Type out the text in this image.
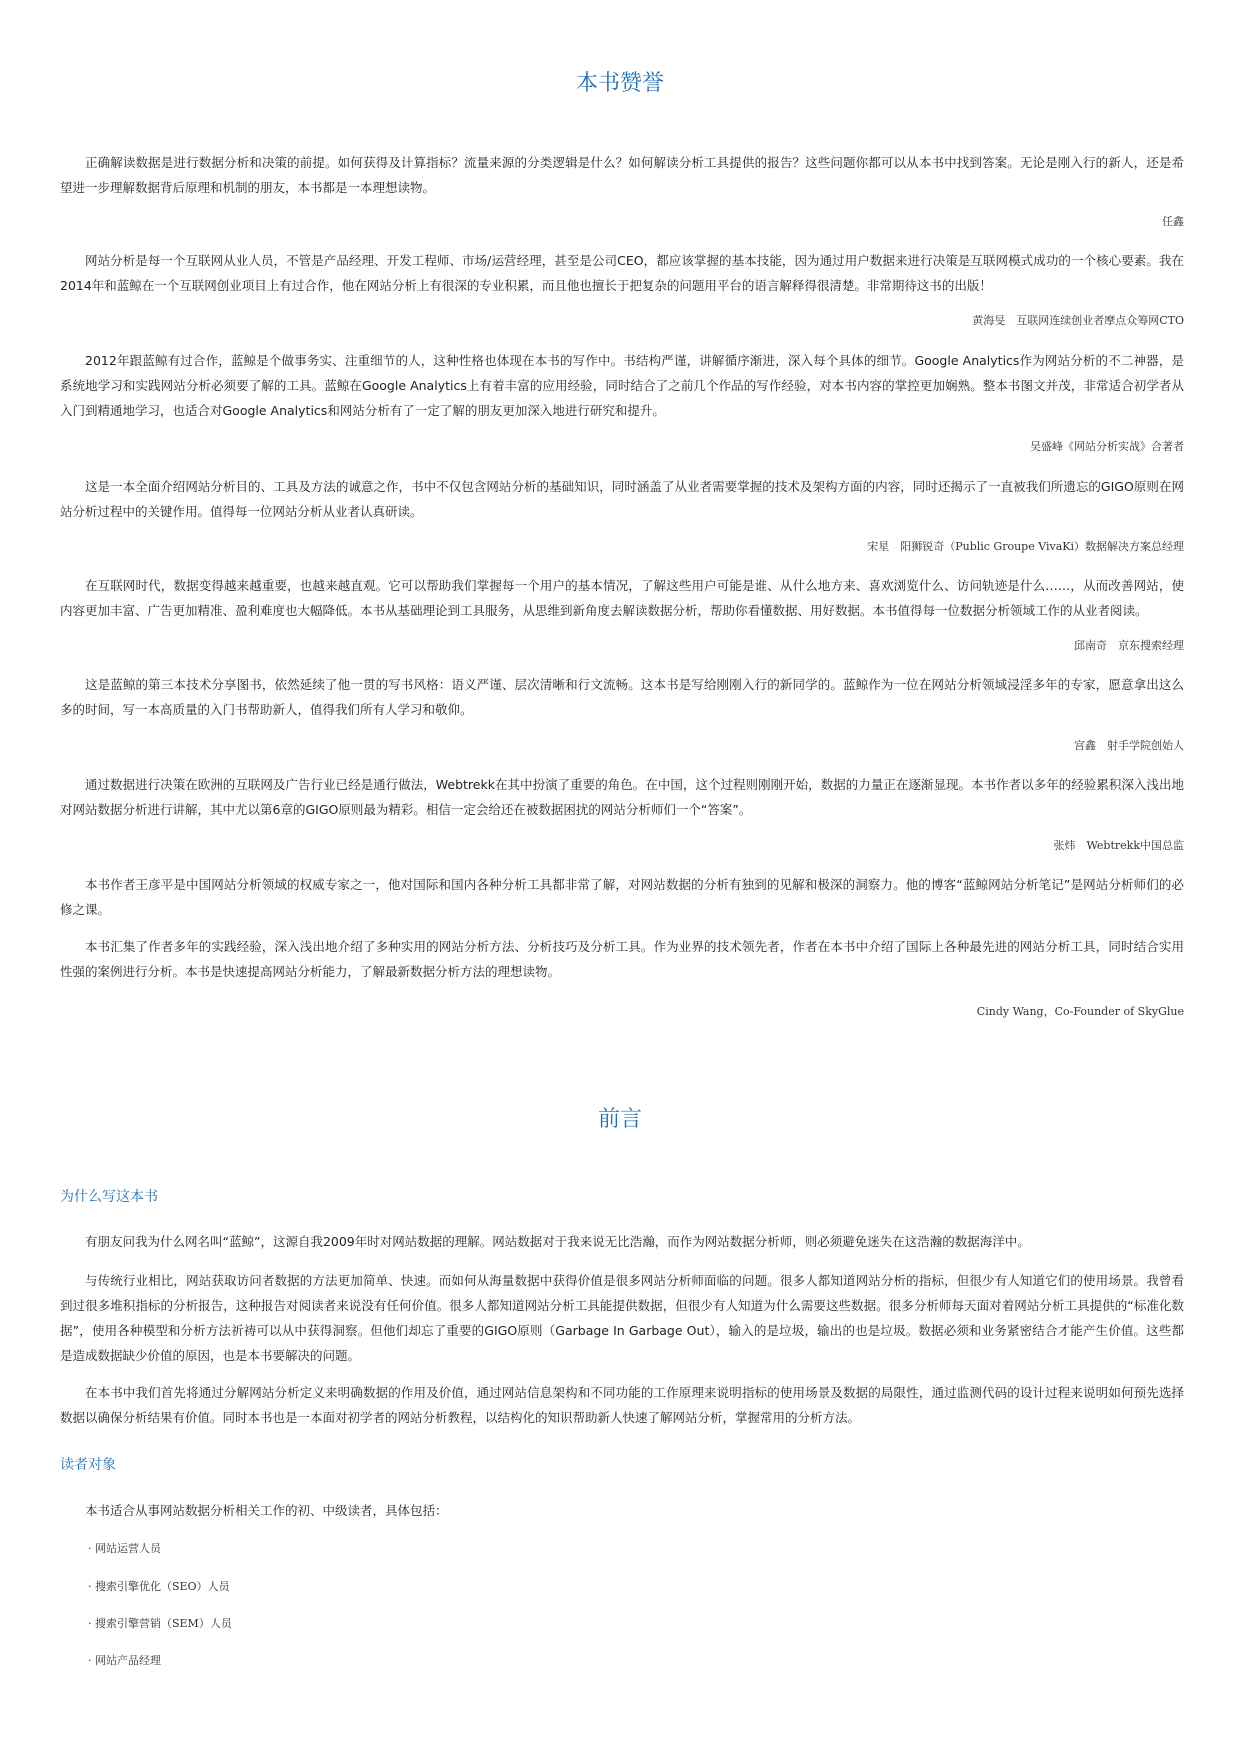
本书赞誉

正确解读数据是进行数据分析和决策的前提。如何获得及计算指标？流量来源的分类逻辑是什么？如何解读分析工具提供的报告？这些问题你都可以从本书中找到答案。无论是刚入行的新人，还是希望进一步理解数据背后原理和机制的朋友，本书都是一本理想读物。

任鑫

网站分析是每一个互联网从业人员，不管是产品经理、开发工程师、市场/运营经理，甚至是公司CEO，都应该掌握的基本技能，因为通过用户数据来进行决策是互联网模式成功的一个核心要素。我在2014年和蓝鲸在一个互联网创业项目上有过合作，他在网站分析上有很深的专业积累，而且他也擅长于把复杂的问题用平台的语言解释得很清楚。非常期待这书的出版！

黄海旻　互联网连续创业者摩点众筹网CTO

2012年跟蓝鲸有过合作，蓝鲸是个做事务实、注重细节的人，这种性格也体现在本书的写作中。书结构严谨，讲解循序渐进，深入每个具体的细节。Google Analytics作为网站分析的不二神器，是系统地学习和实践网站分析必须要了解的工具。蓝鲸在Google Analytics上有着丰富的应用经验，同时结合了之前几个作品的写作经验，对本书内容的掌控更加娴熟。整本书图文并茂，非常适合初学者从入门到精通地学习，也适合对Google Analytics和网站分析有了一定了解的朋友更加深入地进行研究和提升。

吴盛峰《网站分析实战》合著者

这是一本全面介绍网站分析目的、工具及方法的诚意之作，书中不仅包含网站分析的基础知识，同时涵盖了从业者需要掌握的技术及架构方面的内容，同时还揭示了一直被我们所遗忘的GIGO原则在网站分析过程中的关键作用。值得每一位网站分析从业者认真研读。

宋星　阳狮锐奇（Public Groupe VivaKi）数据解决方案总经理

在互联网时代，数据变得越来越重要，也越来越直观。它可以帮助我们掌握每一个用户的基本情况，了解这些用户可能是谁、从什么地方来、喜欢浏览什么、访问轨迹是什么……，从而改善网站，使内容更加丰富、广告更加精准、盈利难度也大幅降低。本书从基础理论到工具服务，从思维到新角度去解读数据分析，帮助你看懂数据、用好数据。本书值得每一位数据分析领域工作的从业者阅读。

邱南奇　京东搜索经理

这是蓝鲸的第三本技术分享图书，依然延续了他一贯的写书风格：语义严谨、层次清晰和行文流畅。这本书是写给刚刚入行的新同学的。蓝鲸作为一位在网站分析领域浸淫多年的专家，愿意拿出这么多的时间，写一本高质量的入门书帮助新人，值得我们所有人学习和敬仰。

宫鑫　射手学院创始人

通过数据进行决策在欧洲的互联网及广告行业已经是通行做法，Webtrekk在其中扮演了重要的角色。在中国，这个过程则刚刚开始，数据的力量正在逐渐显现。本书作者以多年的经验累积深入浅出地对网站数据分析进行讲解，其中尤以第6章的GIGO原则最为精彩。相信一定会给还在被数据困扰的网站分析师们一个“答案”。

张炜　Webtrekk中国总监

本书作者王彦平是中国网站分析领域的权威专家之一，他对国际和国内各种分析工具都非常了解，对网站数据的分析有独到的见解和极深的洞察力。他的博客“蓝鲸网站分析笔记”是网站分析师们的必修之课。

本书汇集了作者多年的实践经验，深入浅出地介绍了多种实用的网站分析方法、分析技巧及分析工具。作为业界的技术领先者，作者在本书中介绍了国际上各种最先进的网站分析工具，同时结合实用性强的案例进行分析。本书是快速提高网站分析能力，了解最新数据分析方法的理想读物。

Cindy Wang，Co-Founder of SkyGlue

前言
为什么写这本书

有朋友问我为什么网名叫“蓝鲸”，这源自我2009年时对网站数据的理解。网站数据对于我来说无比浩瀚，而作为网站数据分析师，则必须避免迷失在这浩瀚的数据海洋中。

与传统行业相比，网站获取访问者数据的方法更加简单、快速。而如何从海量数据中获得价值是很多网站分析师面临的问题。很多人都知道网站分析的指标，但很少有人知道它们的使用场景。我曾看到过很多堆积指标的分析报告，这种报告对阅读者来说没有任何价值。很多人都知道网站分析工具能提供数据，但很少有人知道为什么需要这些数据。很多分析师每天面对着网站分析工具提供的“标准化数据”，使用各种模型和分析方法祈祷可以从中获得洞察。但他们却忘了重要的GIGO原则（Garbage In Garbage Out），输入的是垃圾，输出的也是垃圾。数据必须和业务紧密结合才能产生价值。这些都是造成数据缺少价值的原因，也是本书要解决的问题。

在本书中我们首先将通过分解网站分析定义来明确数据的作用及价值，通过网站信息架构和不同功能的工作原理来说明指标的使用场景及数据的局限性，通过监测代码的设计过程来说明如何预先选择数据以确保分析结果有价值。同时本书也是一本面对初学者的网站分析教程，以结构化的知识帮助新人快速了解网站分析，掌握常用的分析方法。

读者对象

本书适合从事网站数据分析相关工作的初、中级读者，具体包括：

· 网站运营人员
· 搜索引擎优化（SEO）人员
· 搜索引擎营销（SEM）人员
· 网站产品经理
